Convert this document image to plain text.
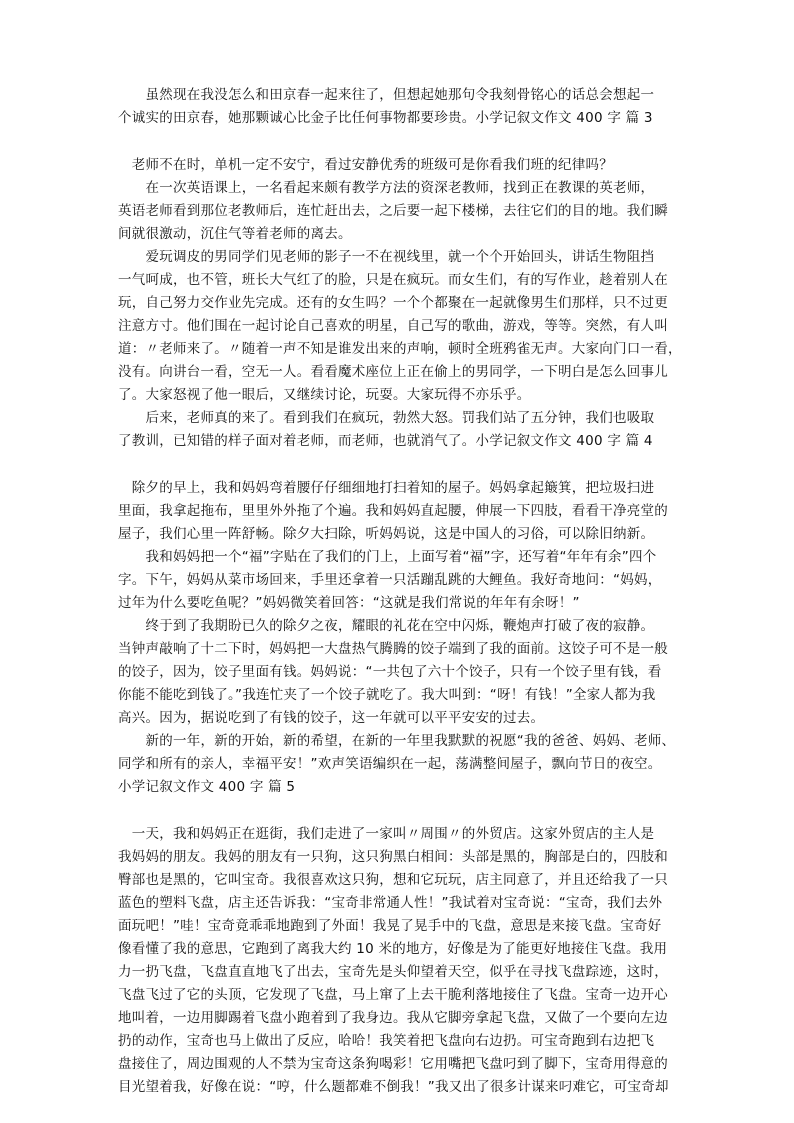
　　虽然现在我没怎么和田京春一起来往了，但想起她那句令我刻骨铭心的话总会想起一
个诚实的田京春，她那颗诚心比金子比任何事物都要珍贵。小学记叙文作文 400 字 篇 3
　老师不在时，单机一定不安宁，看过安静优秀的班级可是你看我们班的纪律吗？
　　在一次英语课上，一名看起来颇有教学方法的资深老教师，找到正在教课的英老师，
英语老师看到那位老教师后，连忙赶出去，之后要一起下楼梯，去往它们的目的地。我们瞬
间就很激动，沉住气等着老师的离去。
　　爱玩调皮的男同学们见老师的影子一不在视线里，就一个个开始回头，讲话生物阻挡
一气呵成，也不管，班长大气红了的脸，只是在疯玩。而女生们，有的写作业，趁着别人在
玩，自己努力交作业先完成。还有的女生吗？一个个都聚在一起就像男生们那样，只不过更
注意方寸。他们围在一起讨论自己喜欢的明星，自己写的歌曲，游戏，等等。突然，有人叫
道：〃老师来了。〃随着一声不知是谁发出来的声响，顿时全班鸦雀无声。大家向门口一看，
没有。向讲台一看，空无一人。看看魔术座位上正在偷上的男同学，一下明白是怎么回事儿
了。大家怒视了他一眼后，又继续讨论，玩耍。大家玩得不亦乐乎。
　　后来，老师真的来了。看到我们在疯玩，勃然大怒。罚我们站了五分钟，我们也吸取
了教训，已知错的样子面对着老师，而老师，也就消气了。小学记叙文作文 400 字 篇 4
　除夕的早上，我和妈妈弯着腰仔仔细细地打扫着知的屋子。妈妈拿起簸箕，把垃圾扫进
里面，我拿起拖布，里里外外拖了个遍。我和妈妈直起腰，伸展一下四肢，看看干净亮堂的
屋子，我们心里一阵舒畅。除夕大扫除，听妈妈说，这是中国人的习俗，可以除旧纳新。
　　我和妈妈把一个“福”字贴在了我们的门上，上面写着“福”字，还写着“年年有余”四个
字。下午，妈妈从菜市场回来，手里还拿着一只活蹦乱跳的大鲤鱼。我好奇地问：“妈妈，
过年为什么要吃鱼呢？”妈妈微笑着回答：“这就是我们常说的年年有余呀！”
　　终于到了我期盼已久的除夕之夜，耀眼的礼花在空中闪烁，鞭炮声打破了夜的寂静。
当钟声敲响了十二下时，妈妈把一大盘热气腾腾的饺子端到了我的面前。这饺子可不是一般
的饺子，因为，饺子里面有钱。妈妈说：“一共包了六十个饺子，只有一个饺子里有钱，看
你能不能吃到钱了。”我连忙夹了一个饺子就吃了。我大叫到：“呀！有钱！”全家人都为我
高兴。因为，据说吃到了有钱的饺子，这一年就可以平平安安的过去。
　　新的一年，新的开始，新的希望，在新的一年里我默默的祝愿“我的爸爸、妈妈、老师、
同学和所有的亲人，幸福平安！”欢声笑语编织在一起，荡满整间屋子，飘向节日的夜空。
小学记叙文作文 400 字 篇 5
　一天，我和妈妈正在逛街，我们走进了一家叫〃周围〃的外贸店。这家外贸店的主人是
我妈妈的朋友。我妈的朋友有一只狗，这只狗黑白相间：头部是黑的，胸部是白的，四肢和
臀部也是黑的，它叫宝奇。我很喜欢这只狗，想和它玩玩，店主同意了，并且还给我了一只
蓝色的塑料飞盘，店主还告诉我：“宝奇非常通人性！”我试着对宝奇说：“宝奇，我们去外
面玩吧！”哇！宝奇竟乖乖地跑到了外面！我晃了晃手中的飞盘，意思是来接飞盘。宝奇好
像看懂了我的意思，它跑到了离我大约 10 米的地方，好像是为了能更好地接住飞盘。我用
力一扔飞盘，飞盘直直地飞了出去，宝奇先是头仰望着天空，似乎在寻找飞盘踪迹，这时，
飞盘飞过了它的头顶，它发现了飞盘，马上窜了上去干脆利落地接住了飞盘。宝奇一边开心
地叫着，一边用脚踢着飞盘小跑着到了我身边。我从它脚旁拿起飞盘，又做了一个要向左边
扔的动作，宝奇也马上做出了反应，哈哈！我笑着把飞盘向右边扔。可宝奇跑到右边把飞
盘接住了，周边围观的人不禁为宝奇这条狗喝彩！它用嘴把飞盘叼到了脚下，宝奇用得意的
目光望着我，好像在说：“哼，什么题都难不倒我！”我又出了很多计谋来叼难它，可宝奇却
